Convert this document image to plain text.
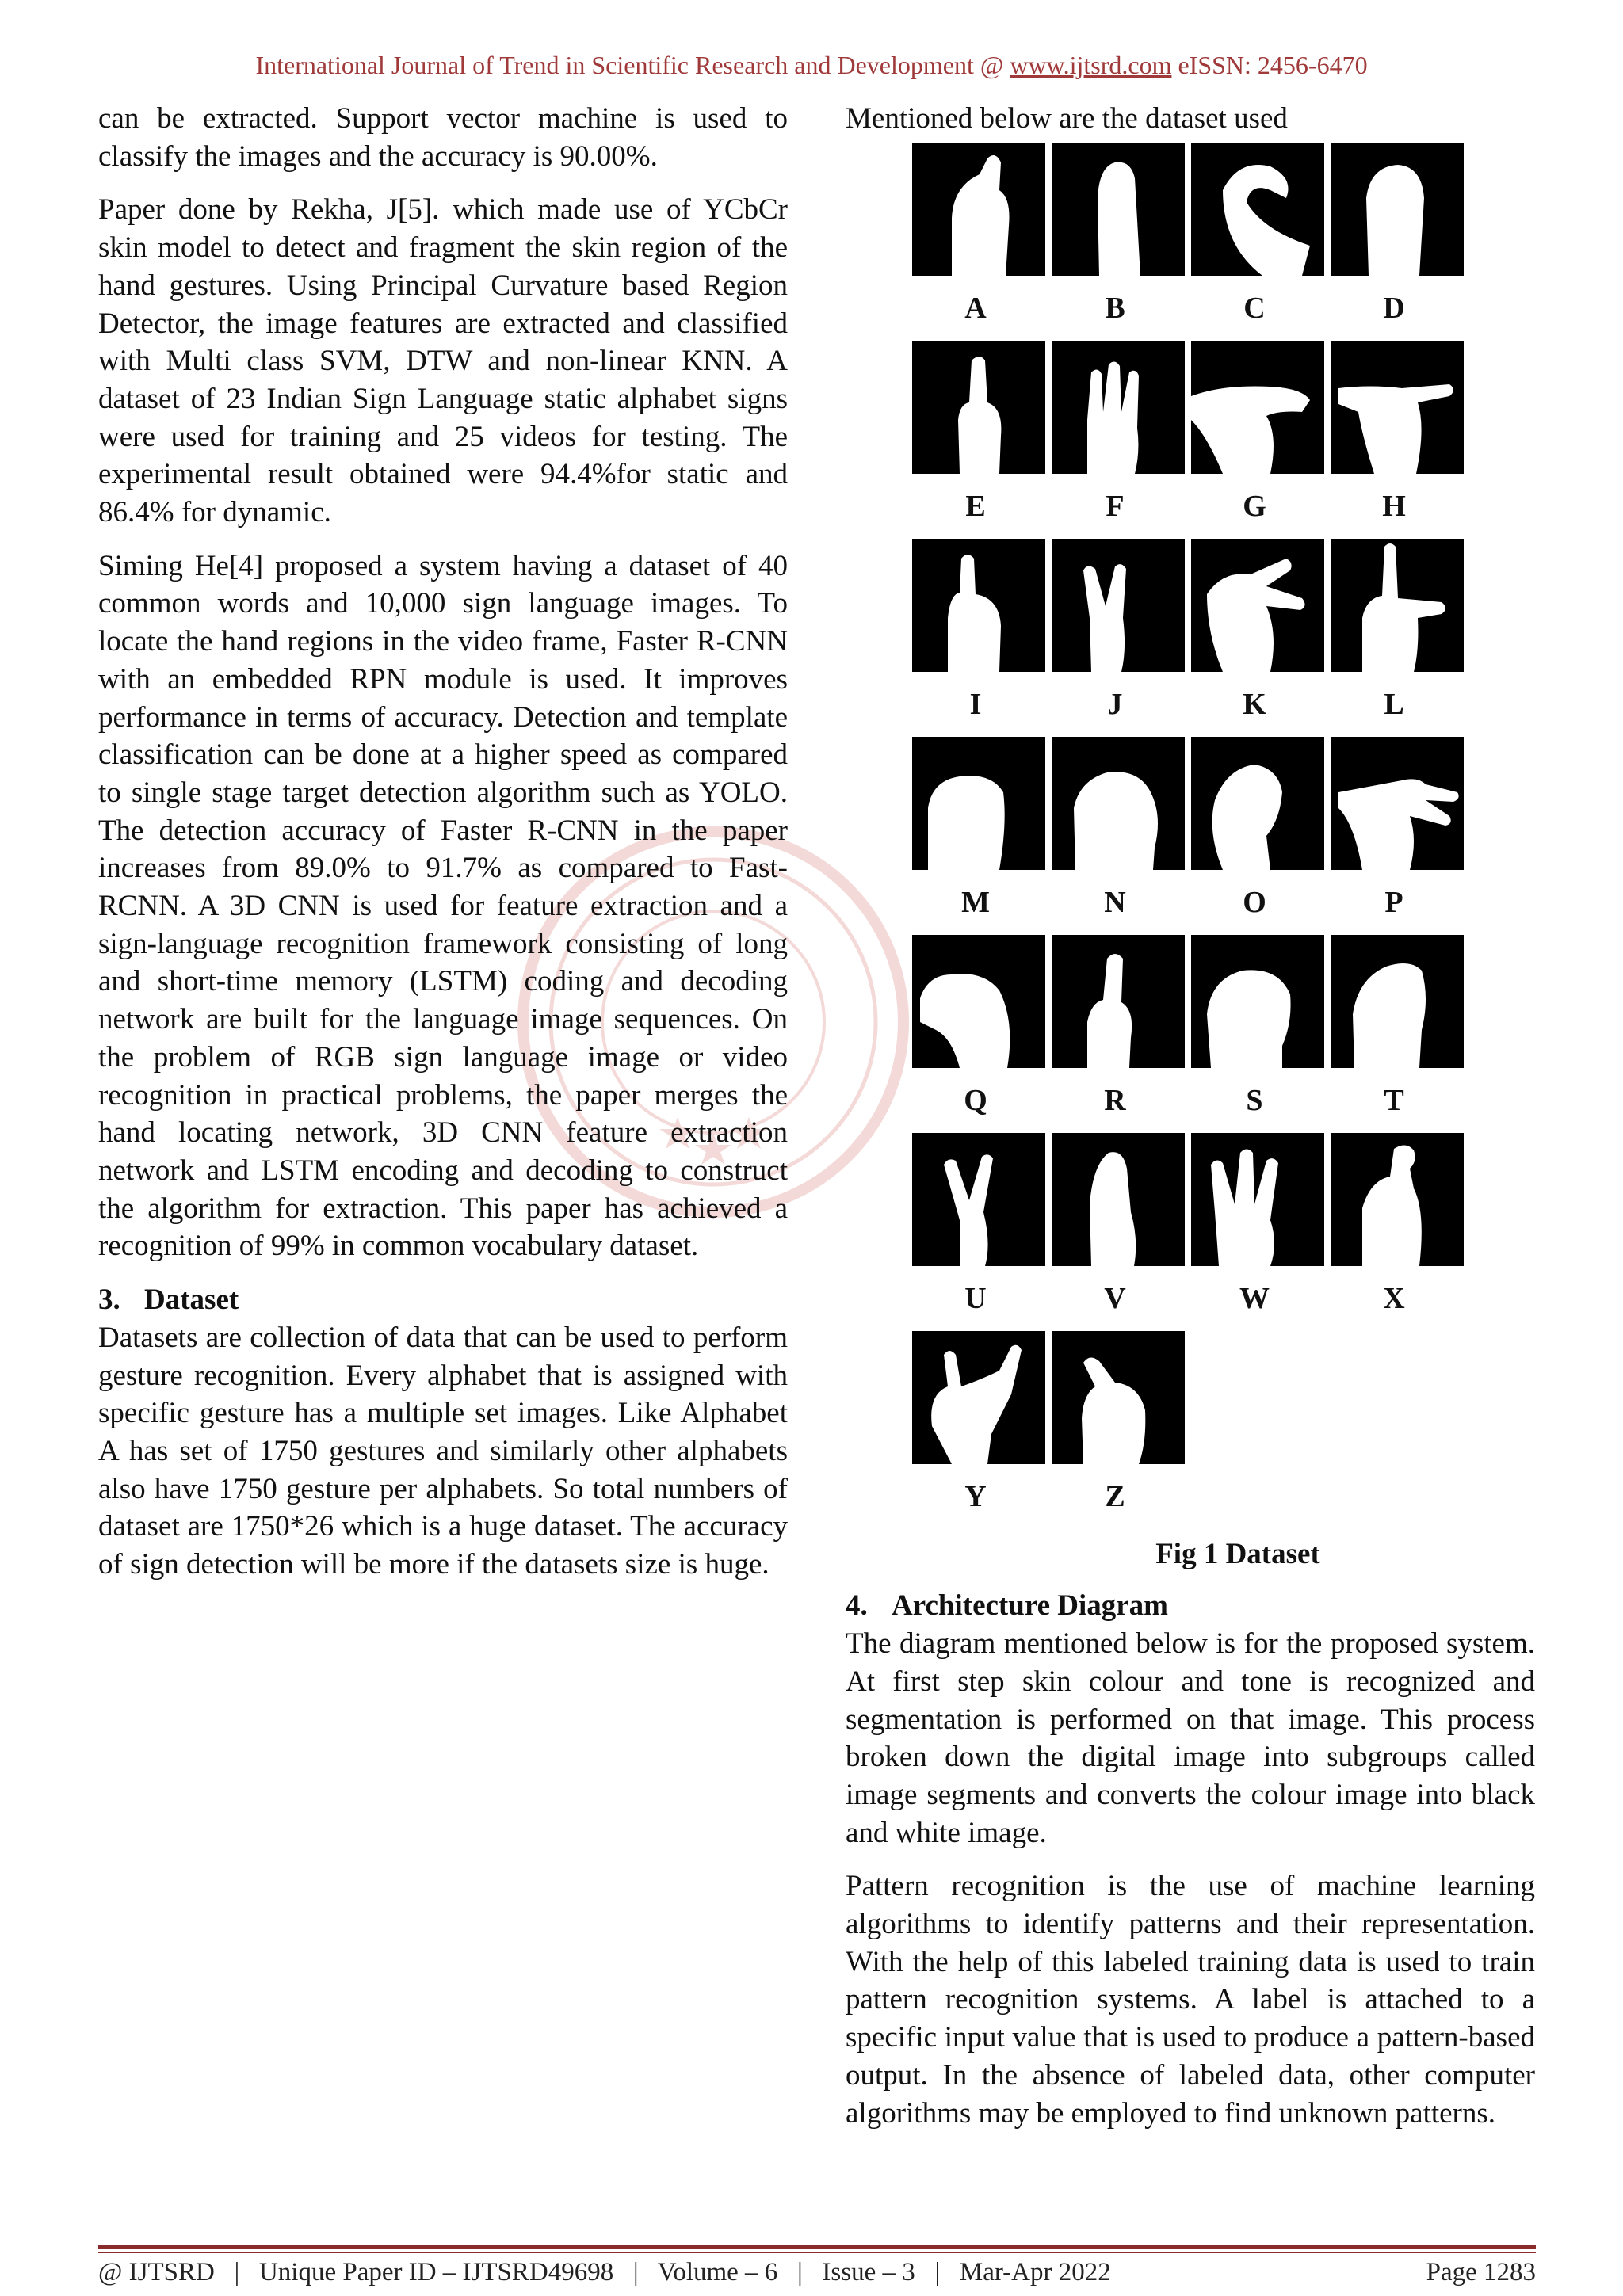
International Journal of Trend in Scientific Research and Development @ www.ijtsrd.com eISSN: 2456-6470

can be extracted. Support vector machine is used to classify the images and the accuracy is 90.00%.

Paper done by Rekha, J[5]. which made use of YCbCr skin model to detect and fragment the skin region of the hand gestures. Using Principal Curvature based Region Detector, the image features are extracted and classified with Multi class SVM, DTW and non-linear KNN. A dataset of 23 Indian Sign Language static alphabet signs were used for training and 25 videos for testing. The experimental result obtained were 94.4%for static and 86.4% for dynamic.

Siming He[4] proposed a system having a dataset of 40 common words and 10,000 sign language images. To locate the hand regions in the video frame, Faster R-CNN with an embedded RPN module is used. It improves performance in terms of accuracy. Detection and template classification can be done at a higher speed as compared to single stage target detection algorithm such as YOLO. The detection accuracy of Faster R-CNN in the paper increases from 89.0% to 91.7% as compared to Fast-RCNN. A 3D CNN is used for feature extraction and a sign-language recognition framework consisting of long and short-time memory (LSTM) coding and decoding network are built for the language image sequences. On the problem of RGB sign language image or video recognition in practical problems, the paper merges the hand locating network, 3D CNN feature extraction network and LSTM encoding and decoding to construct the algorithm for extraction. This paper has achieved a recognition of 99% in common vocabulary dataset.

3. Dataset

Datasets are collection of data that can be used to perform gesture recognition. Every alphabet that is assigned with specific gesture has a multiple set images. Like Alphabet A has set of 1750 gestures and similarly other alphabets also have 1750 gesture per alphabets. So total numbers of dataset are 1750*26 which is a huge dataset. The accuracy of sign detection will be more if the datasets size is huge.

Mentioned below are the dataset used

A	B	C	D
E	F	G	H
I	J	K	L
M	N	O	P
Q	R	S	T
U	V	W	X
Y	Z
Fig 1 Dataset
4. Architecture Diagram

The diagram mentioned below is for the proposed system. At first step skin colour and tone is recognized and segmentation is performed on that image. This process broken down the digital image into subgroups called image segments and converts the colour image into black and white image.

Pattern recognition is the use of machine learning algorithms to identify patterns and their representation. With the help of this labeled training data is used to train pattern recognition systems. A label is attached to a specific input value that is used to produce a pattern-based output. In the absence of labeled data, other computer algorithms may be employed to find unknown patterns.

@ IJTSRD | Unique Paper ID – IJTSRD49698 | Volume – 6 | Issue – 3 | Mar-Apr 2022	Page 1283
